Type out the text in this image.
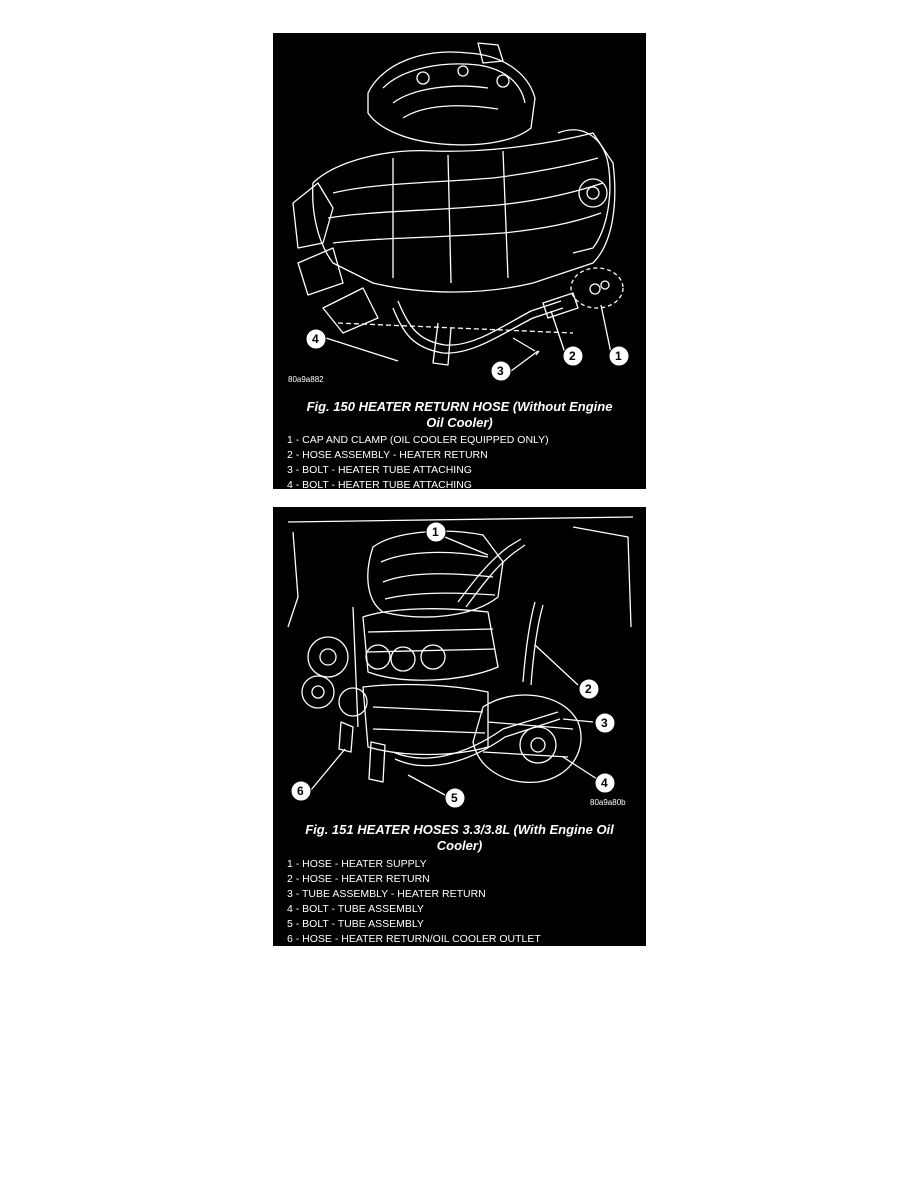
4
3
2	1
80a9a882
Fig. 150 HEATER RETURN HOSE (Without Engine
Oil Cooler)
1 - CAP AND CLAMP (OIL COOLER EQUIPPED ONLY)
2 - HOSE ASSEMBLY - HEATER RETURN
3 - BOLT - HEATER TUBE ATTACHING
4 - BOLT - HEATER TUBE ATTACHING
1
2
3
4
5
6
80a9a80b
Fig. 151 HEATER HOSES 3.3/3.8L (With Engine Oil
Cooler)
1 - HOSE - HEATER SUPPLY
2 - HOSE - HEATER RETURN
3 - TUBE ASSEMBLY - HEATER RETURN
4 - BOLT - TUBE ASSEMBLY
5 - BOLT - TUBE ASSEMBLY
6 - HOSE - HEATER RETURN/OIL COOLER OUTLET
